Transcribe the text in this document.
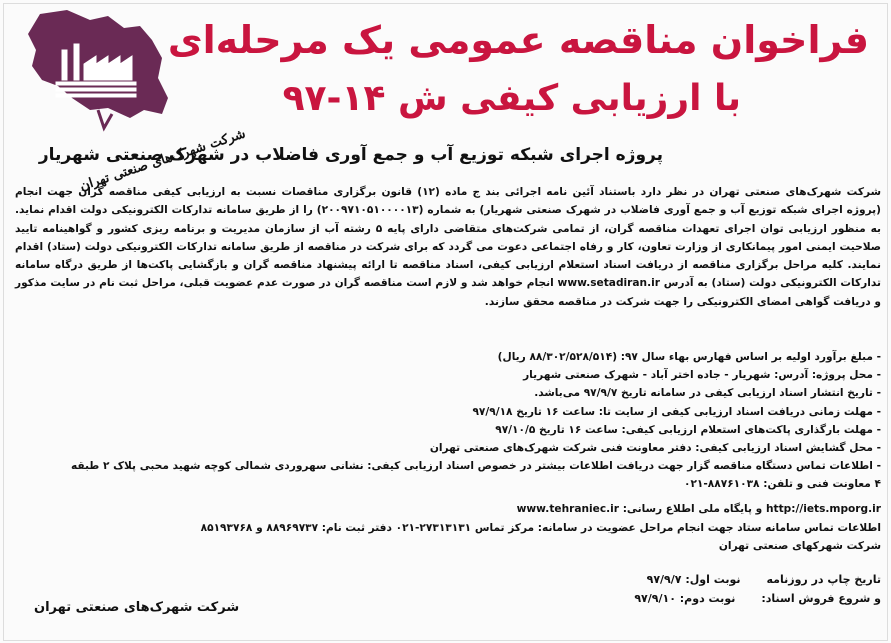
شرکت شهرک‌های صنعتی تهران
فراخوان مناقصه عمومی یک مرحله‌ای
با ارزیابی کیفی ش ۱۴-۹۷
پروژه اجرای شبکه توزیع آب و جمع آوری فاضلاب در شهرک صنعتی شهریار

شرکت شهرک‌های صنعتی تهران در نظر دارد باستناد آئین نامه اجرائی بند ج ماده (۱۲) قانون برگزاری مناقصات نسبت به ارزیابی کیفی مناقصه گران جهت انجام (پروژه اجرای شبکه توزیع آب و جمع آوری فاضلاب در شهرک صنعتی شهریار) به شماره (۲۰۰۹۷۱۰۵۱۰۰۰۰۱۳) را از طریق سامانه تدارکات الکترونیکی دولت اقدام نماید. به منظور ارزیابی توان اجرای تعهدات مناقصه گران، از تمامی شرکت‌های متقاضی دارای پایه ۵ رشته آب از سازمان مدیریت و برنامه ریزی کشور و گواهینامه تایید صلاحیت ایمنی امور پیمانکاری از وزارت تعاون، کار و رفاه اجتماعی دعوت می گردد که برای شرکت در مناقصه از طریق سامانه تدارکات الکترونیکی دولت (ستاد) اقدام نمایند. کلیه مراحل برگزاری مناقصه از دریافت اسناد استعلام ارزیابی کیفی، اسناد مناقصه تا ارائه پیشنهاد مناقصه گران و بازگشایی پاکت‌ها از طریق درگاه سامانه تدارکات الکترونیکی دولت (ستاد) به آدرس www.setadiran.ir انجام خواهد شد و لازم است مناقصه گران در صورت عدم عضویت قبلی، مراحل ثبت نام در سایت مذکور و دریافت گواهی امضای الکترونیکی را جهت شرکت در مناقصه محقق سازند.

- مبلغ برآورد اولیه بر اساس فهارس بهاء سال ۹۷: (۸۸/۳۰۲/۵۲۸/۵۱۴ ریال)
- محل پروژه: آدرس: شهریار - جاده اختر آباد - شهرک صنعتی شهریار
- تاریخ انتشار اسناد ارزیابی کیفی در سامانه تاریخ ۹۷/۹/۷ می‌باشد.
- مهلت زمانی دریافت اسناد ارزیابی کیفی از سایت تا: ساعت ۱۶ تاریخ ۹۷/۹/۱۸
- مهلت بارگذاری پاکت‌های استعلام ارزیابی کیفی: ساعت ۱۶ تاریخ ۹۷/۱۰/۵
- محل گشایش اسناد ارزیابی کیفی: دفتر معاونت فنی شرکت شهرک‌های صنعتی تهران
- اطلاعات تماس دستگاه مناقصه گزار جهت دریافت اطلاعات بیشتر در خصوص اسناد ارزیابی کیفی: نشانی سهروردی شمالی کوچه شهید محبی پلاک ۲ طبقه
۴ معاونت فنی و تلفن: ۸۸۷۶۱۰۳۸-۰۲۱
http://iets.mporg.ir و پایگاه ملی اطلاع رسانی: www.tehraniec.ir
اطلاعات تماس سامانه ستاد جهت انجام مراحل عضویت در سامانه: مرکز تماس ۲۷۳۱۳۱۳۱-۰۲۱ دفتر ثبت نام: ۸۸۹۶۹۷۳۷ و ۸۵۱۹۳۷۶۸
شرکت شهرکهای صنعتی تهران
تاریخ چاپ در روزنامه
نوبت اول: ۹۷/۹/۷
و شروع فروش اسناد:
نوبت دوم: ۹۷/۹/۱۰
شرکت شهرک‌های صنعتی تهران
